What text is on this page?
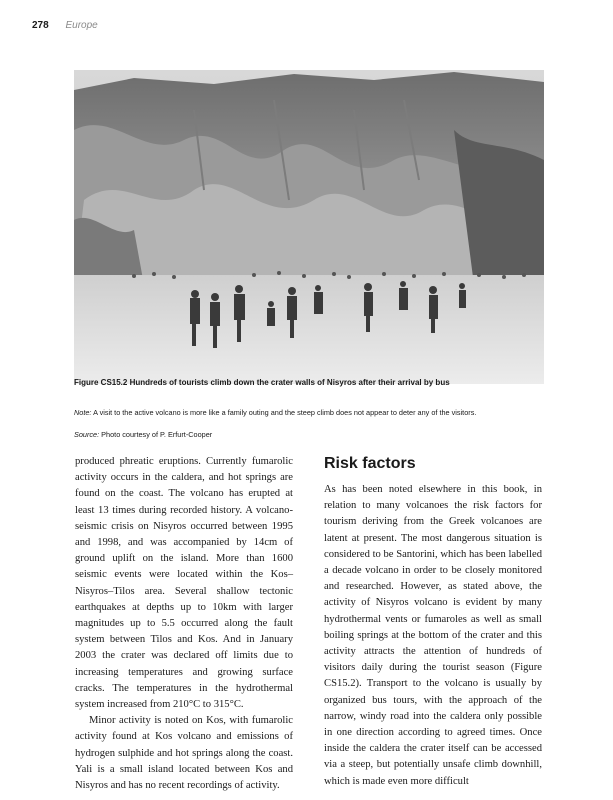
278 Europe
Figure CS15.2 Hundreds of tourists climb down the crater walls of Nisyros after their arrival by bus
Note: A visit to the active volcano is more like a family outing and the steep climb does not appear to deter any of the visitors.
Source: Photo courtesy of P. Erfurt-Cooper

produced phreatic eruptions. Currently fumarolic activity occurs in the caldera, and hot springs are found on the coast. The volcano has erupted at least 13 times during recorded history. A volcano-seismic crisis on Nisyros occurred between 1995 and 1998, and was accompanied by 14cm of ground uplift on the island. More than 1600 seismic events were located within the Kos–Nisyros–Tilos area. Several shallow tectonic earthquakes at depths up to 10km with larger magnitudes up to 5.5 occurred along the fault system between Tilos and Kos. And in January 2003 the crater was declared off limits due to increasing temperatures and growing surface cracks. The temperatures in the hydrothermal system increased from 210°C to 315°C.

Minor activity is noted on Kos, with fumarolic activity found at Kos volcano and emissions of hydrogen sulphide and hot springs along the coast. Yali is a small island located between Kos and Nisyros and has no recent recordings of activity.

Risk factors

As has been noted elsewhere in this book, in relation to many volcanoes the risk factors for tourism deriving from the Greek volcanoes are latent at present. The most dangerous situation is considered to be Santorini, which has been labelled a decade volcano in order to be closely monitored and researched. However, as stated above, the activity of Nisyros volcano is evident by many hydrothermal vents or fumaroles as well as small boiling springs at the bottom of the crater and this activity attracts the attention of hundreds of visitors daily during the tourist season (Figure CS15.2). Transport to the volcano is usually by organized bus tours, with the approach of the narrow, windy road into the caldera only possible in one direction according to agreed times. Once inside the caldera the crater itself can be accessed via a steep, but potentially unsafe climb downhill, which is made even more difficult
